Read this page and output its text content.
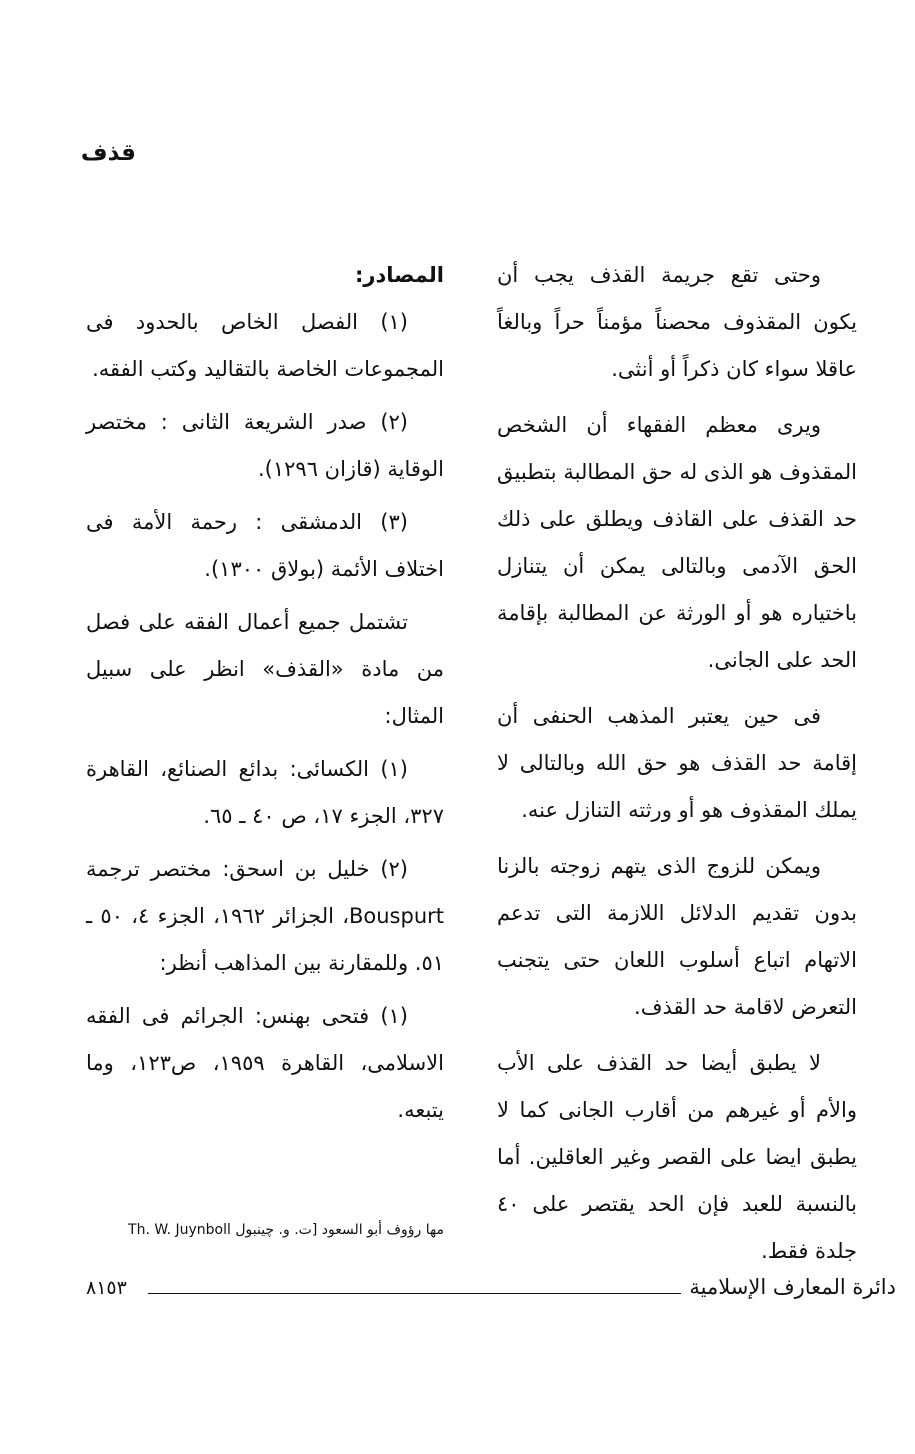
قذف

وحتى تقع جريمة القذف يجب أن يكون المقذوف محصناً مؤمناً حراً وبالغاً عاقلا سواء كان ذكراً أو أنثى.

ويرى معظم الفقهاء أن الشخص المقذوف هو الذى له حق المطالبة بتطبيق حد القذف على القاذف ويطلق على ذلك الحق الآدمى وبالتالى يمكن أن يتنازل باختياره هو أو الورثة عن المطالبة بإقامة الحد على الجانى.

فى حين يعتبر المذهب الحنفى أن إقامة حد القذف هو حق الله وبالتالى لا يملك المقذوف هو أو ورثته التنازل عنه.

ويمكن للزوج الذى يتهم زوجته بالزنا بدون تقديم الدلائل اللازمة التى تدعم الاتهام اتباع أسلوب اللعان حتى يتجنب التعرض لاقامة حد القذف.

لا يطبق أيضا حد القذف على الأب والأم أو غيرهم من أقارب الجانى كما لا يطبق ايضا على القصر وغير العاقلين. أما بالنسبة للعبد فإن الحد يقتصر على ٤٠ جلدة فقط.

المصادر:

(١) الفصل الخاص بالحدود فى المجموعات الخاصة بالتقاليد وكتب الفقه.

(٢) صدر الشريعة الثانى : مختصر الوقاية (قازان ١٢٩٦).

(٣) الدمشقى : رحمة الأمة فى اختلاف الأئمة (بولاق ١٣٠٠).

تشتمل جميع أعمال الفقه على فصل من مادة «القذف» انظر على سبيل المثال:

(١) الكسائى: بدائع الصنائع، القاهرة ٣٢٧، الجزء ١٧، ص ٤٠ ـ ٦٥.

(٢) خليل بن اسحق: مختصر ترجمة Bouspurt، الجزائر ١٩٦٢، الجزء ٤، ٥٠ ـ ٥١. وللمقارنة بين المذاهب أنظر:

(١) فتحى بهنس: الجرائم فى الفقه الاسلامى، القاهرة ١٩٥٩، ص١٢٣، وما يتبعه.

مها رؤوف أبو السعود [ت. و. چينبول Th. W. Juynboll
دائرة المعارف الإسلامية
٨١٥٣
